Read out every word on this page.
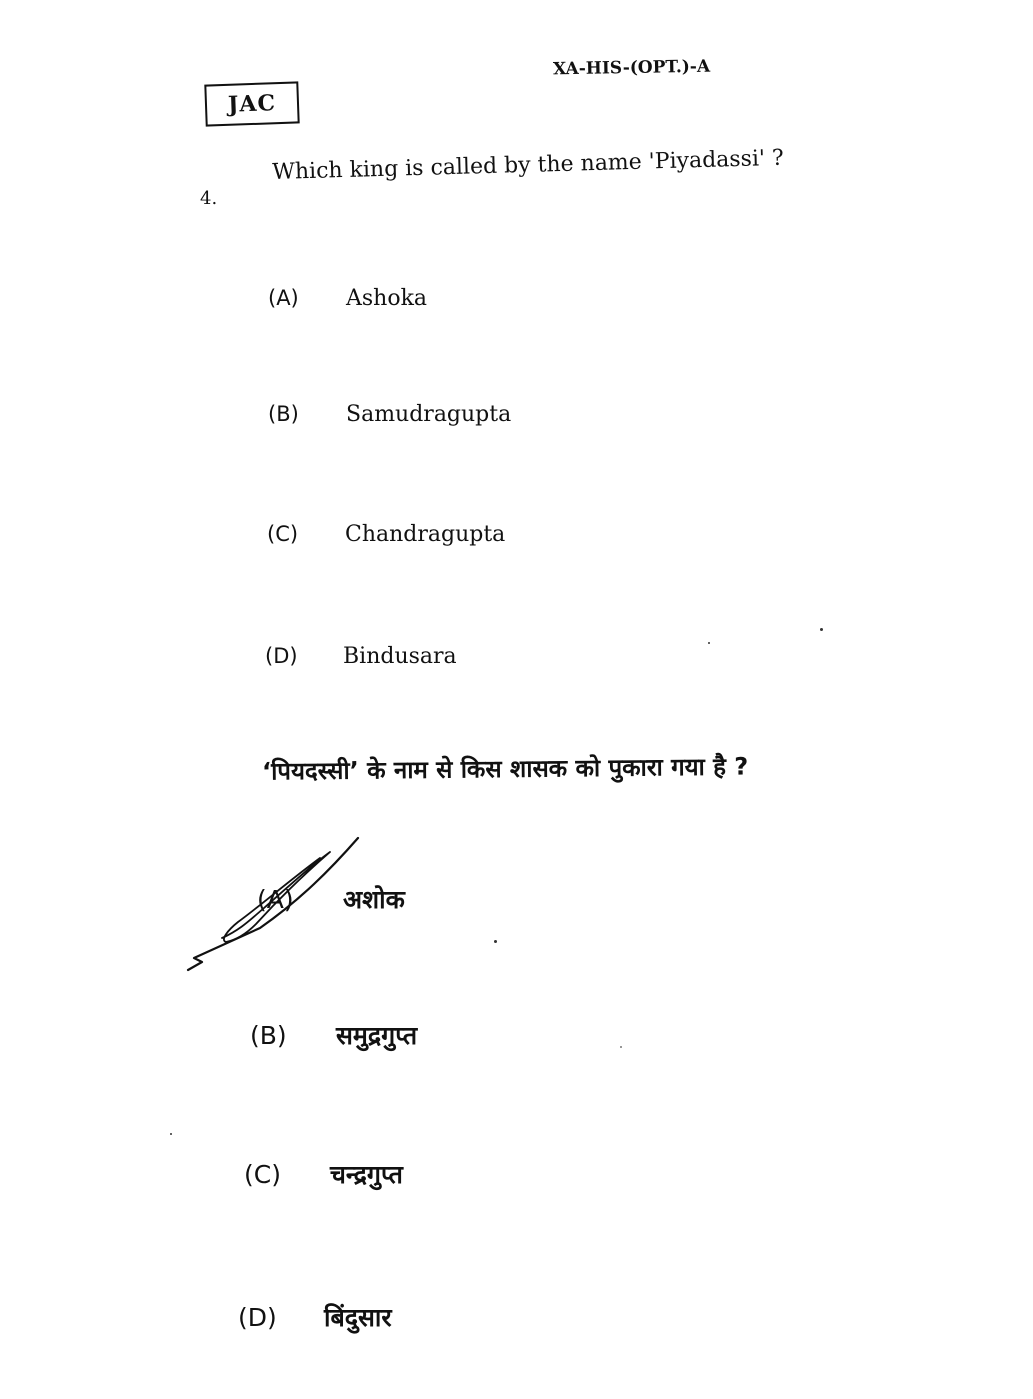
JAC
XA-HIS-(OPT.)-A
4.
Which king is called by the name 'Piyadassi' ?
(A) Ashoka
(B) Samudragupta
(C) Chandragupta
(D) Bindusara
‘पियदस्सी’ के नाम से किस शासक को पुकारा गया है ?
(A) अशोक
(B) समुद्रगुप्त
(C) चन्द्रगुप्त
(D) बिंदुसार
